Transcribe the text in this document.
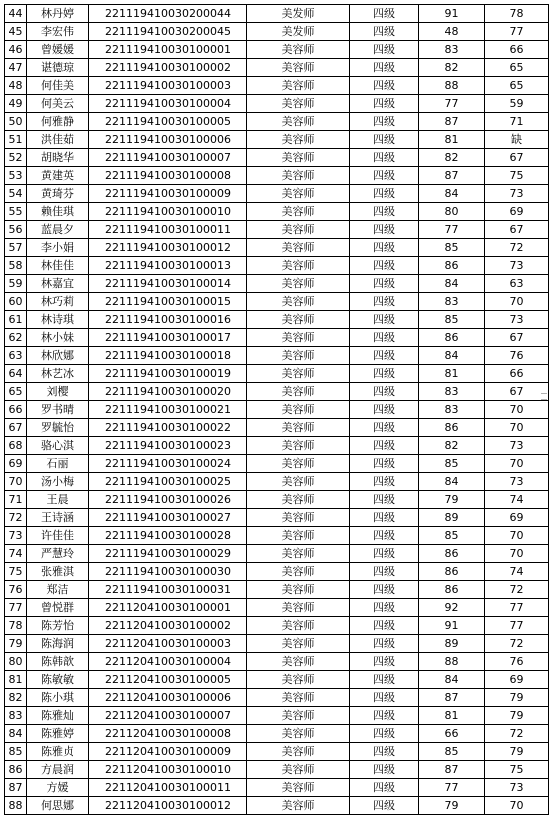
44	林丹婷	221119410030200044	美发师	四级	91	78
45	李宏伟	221119410030200045	美发师	四级	48	77
46	曾媛媛	221119410030100001	美容师	四级	83	66
47	谌德琼	221119410030100002	美容师	四级	82	65
48	何佳美	221119410030100003	美容师	四级	88	65
49	何美云	221119410030100004	美容师	四级	77	59
50	何雅静	221119410030100005	美容师	四级	87	71
51	洪佳茹	221119410030100006	美容师	四级	81	缺
52	胡晓华	221119410030100007	美容师	四级	82	67
53	黄建英	221119410030100008	美容师	四级	87	75
54	黄琦芬	221119410030100009	美容师	四级	84	73
55	赖佳琪	221119410030100010	美容师	四级	80	69
56	蓝晨夕	221119410030100011	美容师	四级	77	67
57	李小娟	221119410030100012	美容师	四级	85	72
58	林佳佳	221119410030100013	美容师	四级	86	73
59	林嘉宜	221119410030100014	美容师	四级	84	63
60	林巧莉	221119410030100015	美容师	四级	83	70
61	林诗琪	221119410030100016	美容师	四级	85	73
62	林小妹	221119410030100017	美容师	四级	86	67
63	林欣娜	221119410030100018	美容师	四级	84	76
64	林艺冰	221119410030100019	美容师	四级	81	66
65	刘樱	221119410030100020	美容师	四级	83	67
66	罗书晴	221119410030100021	美容师	四级	83	70
67	罗毓怡	221119410030100022	美容师	四级	86	70
68	骆心淇	221119410030100023	美容师	四级	82	73
69	石丽	221119410030100024	美容师	四级	85	70
70	汤小梅	221119410030100025	美容师	四级	84	73
71	王晨	221119410030100026	美容师	四级	79	74
72	王诗涵	221119410030100027	美容师	四级	89	69
73	许佳佳	221119410030100028	美容师	四级	85	70
74	严慧玲	221119410030100029	美容师	四级	86	70
75	张雅淇	221119410030100030	美容师	四级	86	74
76	郑洁	221119410030100031	美容师	四级	86	72
77	曾悦群	221120410030100001	美容师	四级	92	77
78	陈芳怡	221120410030100002	美容师	四级	91	77
79	陈海润	221120410030100003	美容师	四级	89	72
80	陈韩歆	221120410030100004	美容师	四级	88	76
81	陈敏敏	221120410030100005	美容师	四级	84	69
82	陈小琪	221120410030100006	美容师	四级	87	79
83	陈雅灿	221120410030100007	美容师	四级	81	79
84	陈雅婷	221120410030100008	美容师	四级	66	72
85	陈雅贞	221120410030100009	美容师	四级	85	79
86	方晨润	221120410030100010	美容师	四级	87	75
87	方媛	221120410030100011	美容师	四级	77	73
88	何思娜	221120410030100012	美容师	四级	79	70
